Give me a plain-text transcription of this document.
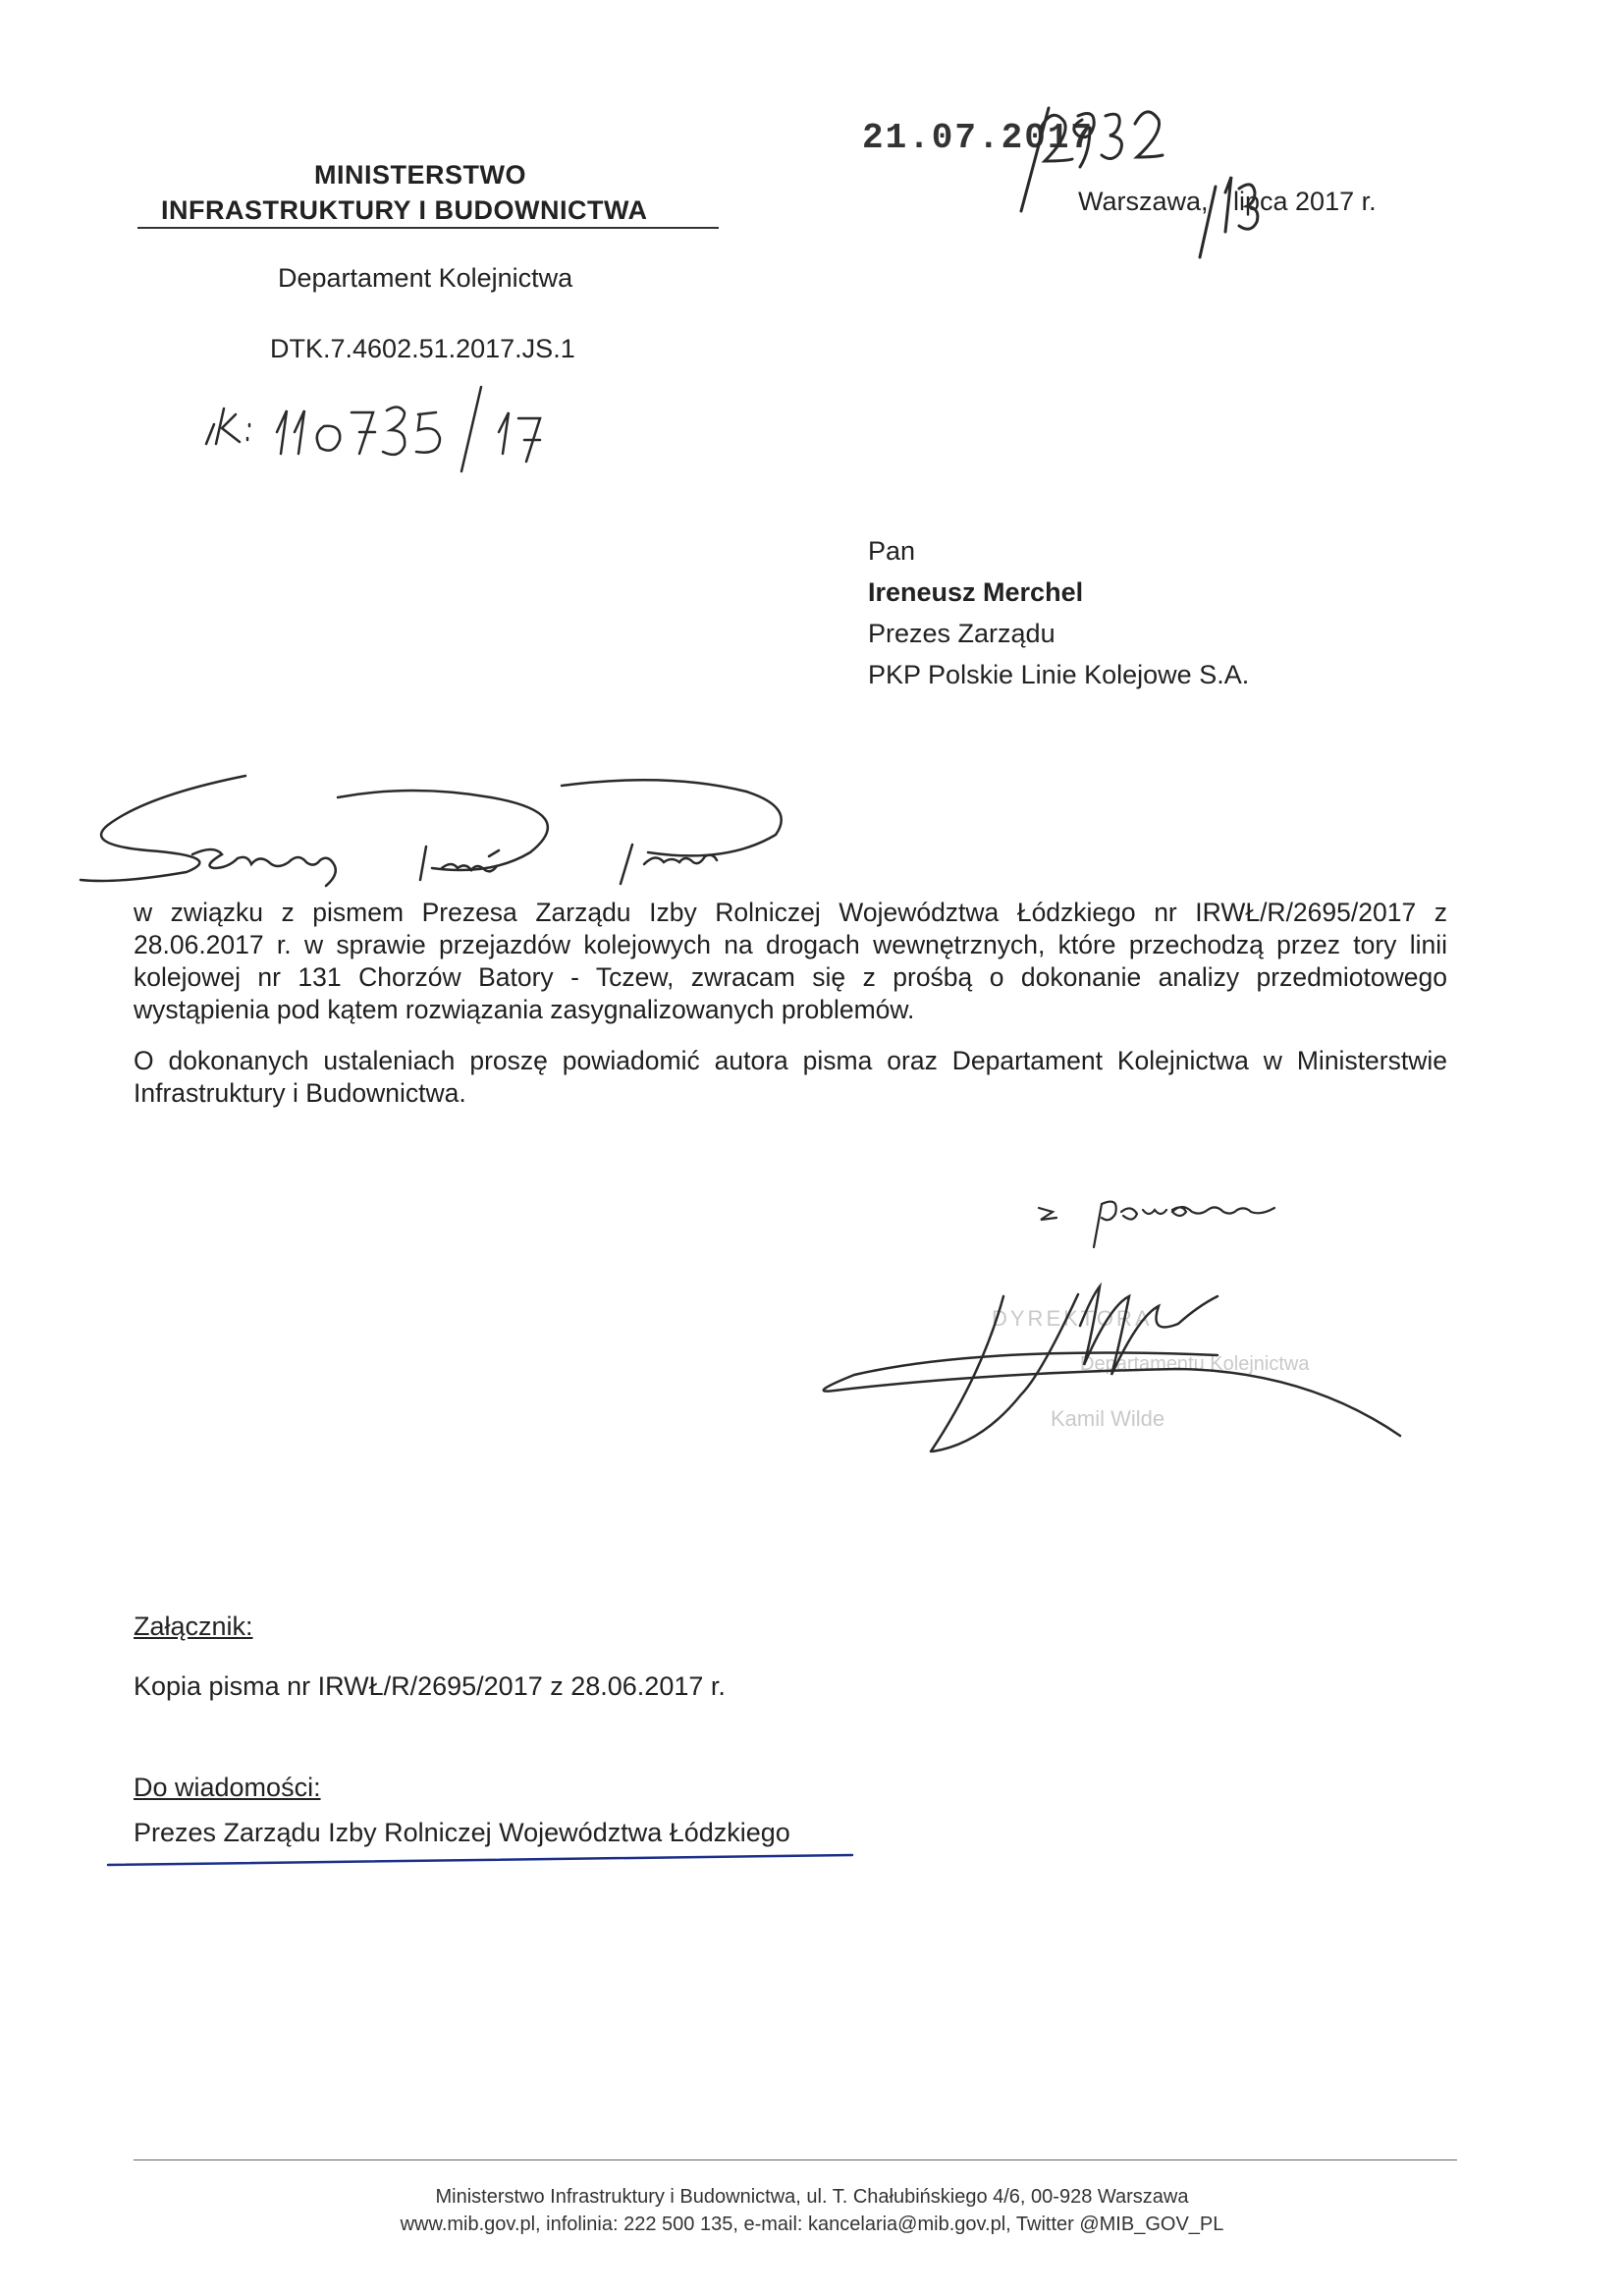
MINISTERSTWO
INFRASTRUKTURY I BUDOWNICTWA
Departament Kolejnictwa
DTK.7.4602.51.2017.JS.1
Warszawa, lipca 2017 r.
Pan
Ireneusz Merchel
Prezes Zarządu
PKP Polskie Linie Kolejowe S.A.
w związku z pismem Prezesa Zarządu Izby Rolniczej Województwa Łódzkiego nr IRWŁ/R/2695/2017 z 28.06.2017 r. w sprawie przejazdów kolejowych na drogach wewnętrznych, które przechodzą przez tory linii kolejowej nr 131 Chorzów Batory - Tczew, zwracam się z prośbą o dokonanie analizy przedmiotowego wystąpienia pod kątem rozwiązania zasygnalizowanych problemów.
O dokonanych ustaleniach proszę powiadomić autora pisma oraz Departament Kolejnictwa w Ministerstwie Infrastruktury i Budownictwa.
DYREKTORA
Departamentu Kolejnictwa
Kamil Wilde
Załącznik:
Kopia pisma nr IRWŁ/R/2695/2017 z 28.06.2017 r.
Do wiadomości:
Prezes Zarządu Izby Rolniczej Województwa Łódzkiego
Ministerstwo Infrastruktury i Budownictwa, ul. T. Chałubińskiego 4/6, 00-928 Warszawa
www.mib.gov.pl, infolinia: 222 500 135, e-mail: kancelaria@mib.gov.pl, Twitter @MIB_GOV_PL
21.07.2017
